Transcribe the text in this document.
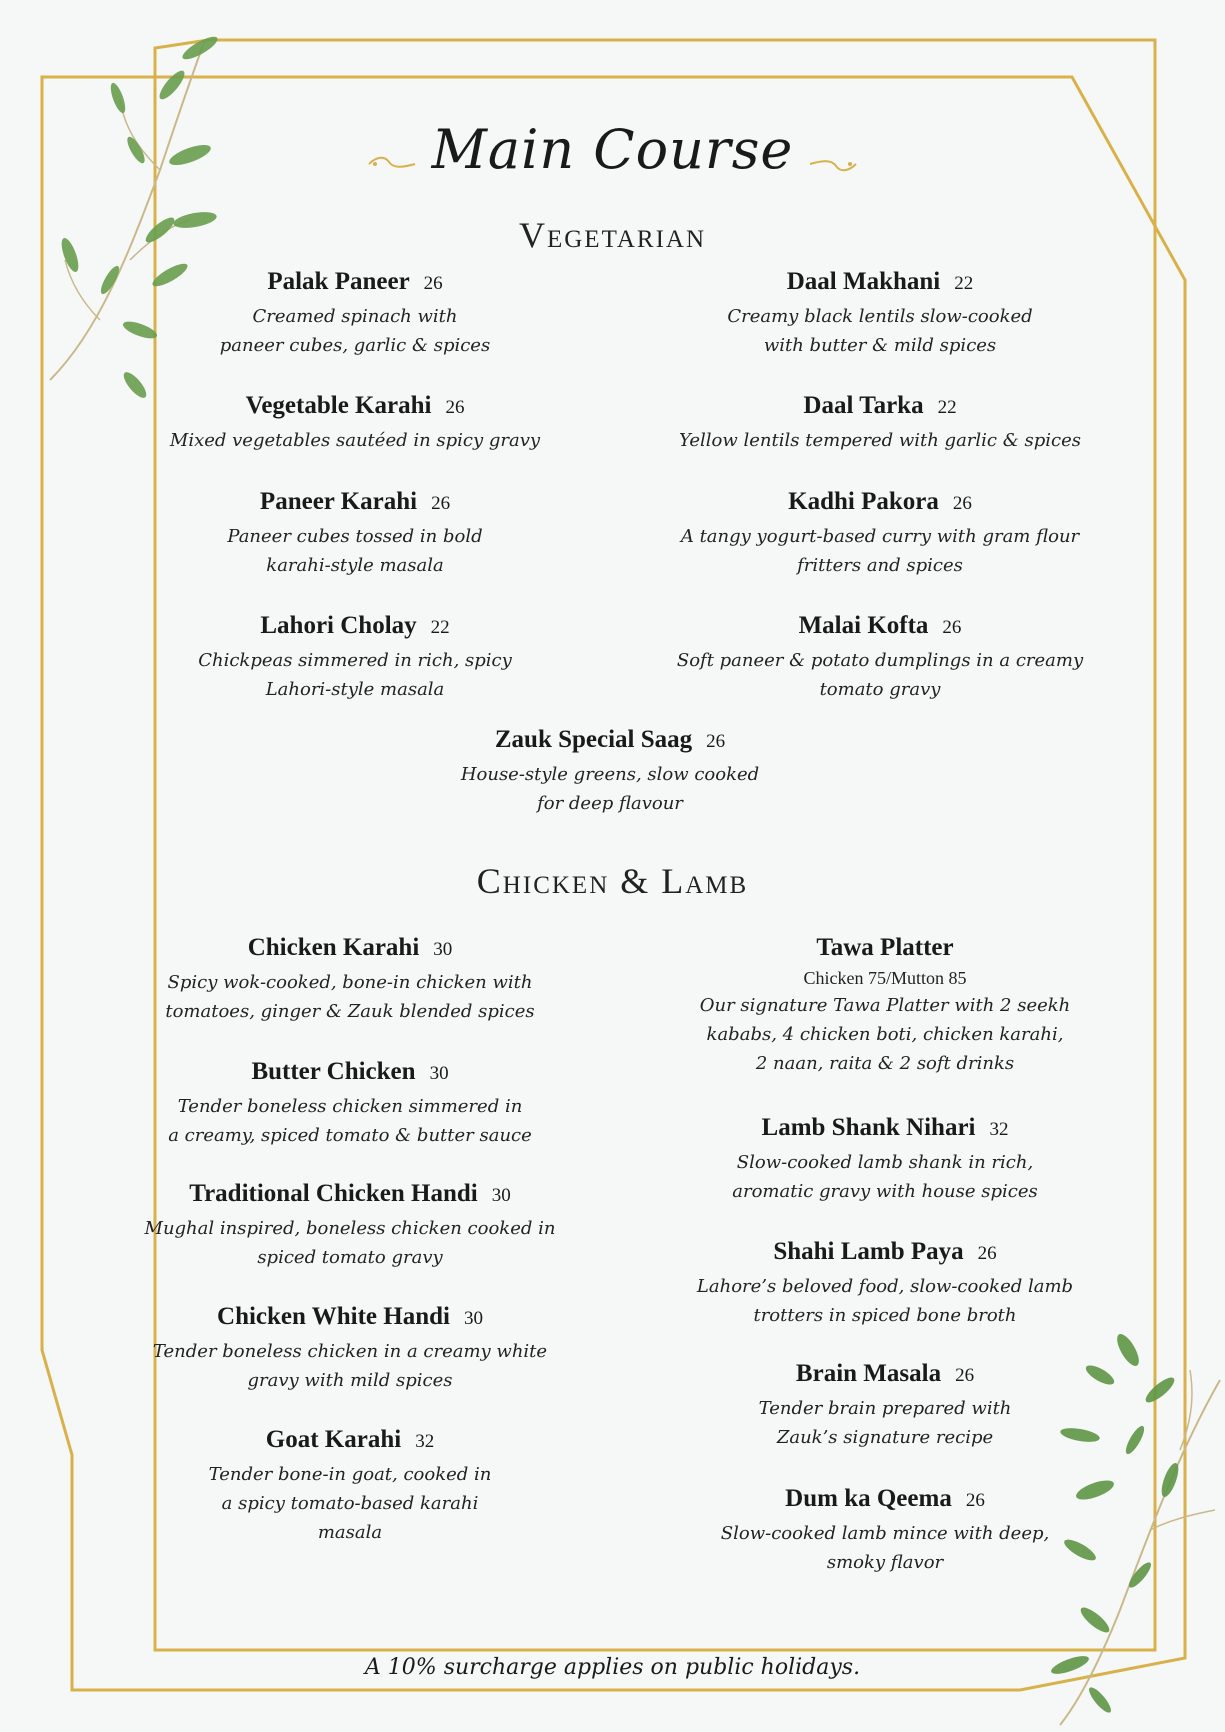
Main Course
Vegetarian
Chicken & Lamb
Palak Paneer 26
Creamed spinach with
paneer cubes, garlic & spices
Vegetable Karahi 26
Mixed vegetables sautéed in spicy gravy
Paneer Karahi 26
Paneer cubes tossed in bold
karahi-style masala
Lahori Cholay 22
Chickpeas simmered in rich, spicy
Lahori-style masala
Daal Makhani 22
Creamy black lentils slow-cooked
with butter & mild spices
Daal Tarka 22
Yellow lentils tempered with garlic & spices
Kadhi Pakora 26
A tangy yogurt-based curry with gram flour
fritters and spices
Malai Kofta 26
Soft paneer & potato dumplings in a creamy
tomato gravy
Zauk Special Saag 26
House-style greens, slow cooked
for deep flavour
Chicken Karahi 30
Spicy wok-cooked, bone-in chicken with
tomatoes, ginger & Zauk blended spices
Butter Chicken 30
Tender boneless chicken simmered in
a creamy, spiced tomato & butter sauce
Traditional Chicken Handi 30
Mughal inspired, boneless chicken cooked in
spiced tomato gravy
Chicken White Handi 30
Tender boneless chicken in a creamy white
gravy with mild spices
Goat Karahi 32
Tender bone-in goat, cooked in
a spicy tomato-based karahi
masala
Tawa Platter
Chicken 75/Mutton 85
Our signature Tawa Platter with 2 seekh
kababs, 4 chicken boti, chicken karahi,
2 naan, raita & 2 soft drinks
Lamb Shank Nihari 32
Slow-cooked lamb shank in rich,
aromatic gravy with house spices
Shahi Lamb Paya 26
Lahore’s beloved food, slow-cooked lamb
trotters in spiced bone broth
Brain Masala 26
Tender brain prepared with
Zauk’s signature recipe
Dum ka Qeema 26
Slow-cooked lamb mince with deep,
smoky flavor
A 10% surcharge applies on public holidays.
